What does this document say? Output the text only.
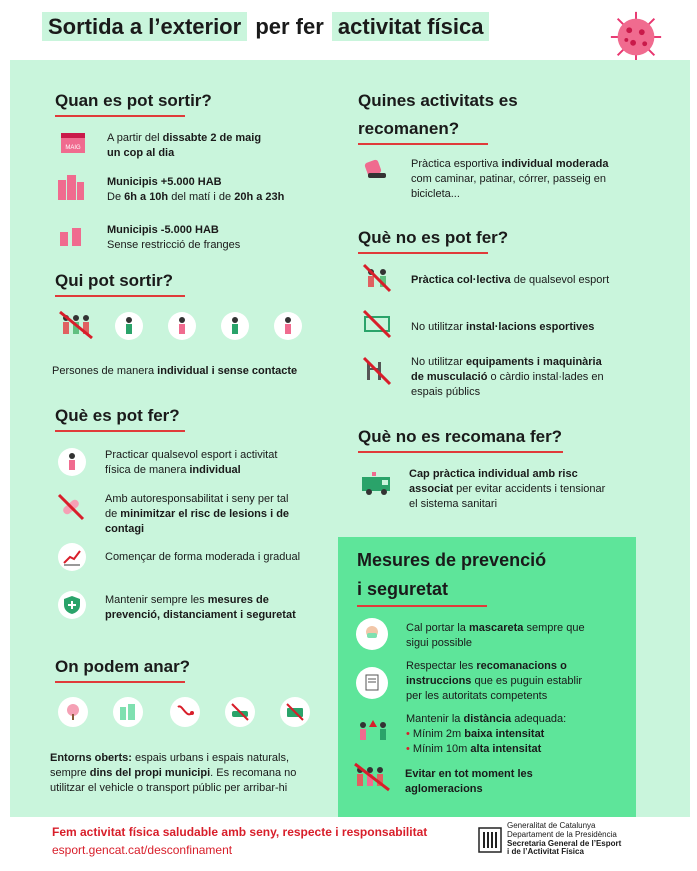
Sortida a l’exterior per fer activitat física
Quan es pot sortir?
MAIG
A partir del dissabte 2 de maig
un cop al dia
Municipis +5.000 HAB
De 6h a 10h del matí i de 20h a 23h
Municipis -5.000 HAB
Sense restricció de franges
Qui pot sortir?
Persones de manera individual i sense contacte
Què es pot fer?
Practicar qualsevol esport i activitat
física de manera individual
Amb autoresponsabilitat i seny per tal
de minimitzar el risc de lesions i de
contagi
Començar de forma moderada i gradual
Mantenir sempre les mesures de
prevenció, distanciament i seguretat
On podem anar?
Entorns oberts: espais urbans i espais naturals,
sempre dins del propi municipi. Es recomana no
utilitzar el vehicle o transport públic per arribar-hi
Quines activitats es
recomanen?
Pràctica esportiva individual moderada
com caminar, patinar, córrer, passeig en
bicicleta...
Què no es pot fer?
Pràctica col·lectiva de qualsevol esport
No utilitzar instal·lacions esportives
No utilitzar equipaments i maquinària
de musculació o càrdio instal·lades en
espais públics
Què no es recomana fer?
Cap pràctica individual amb risc
associat per evitar accidents i tensionar
el sistema sanitari
Mesures de prevenció
i seguretat
Cal portar la mascareta sempre que
sigui possible
Respectar les recomanacions o
instruccions que es puguin establir
per les autoritats competents
Mantenir la distància adequada:
• Mínim 2m baixa intensitat
• Mínim 10m alta intensitat
Evitar en tot moment les
aglomeracions
Fem activitat física saludable amb seny, respecte i responsabilitat
esport.gencat.cat/desconfinament
Generalitat de Catalunya
Departament de la Presidència
Secretaria General de l’Esport
i de l’Activitat Física
